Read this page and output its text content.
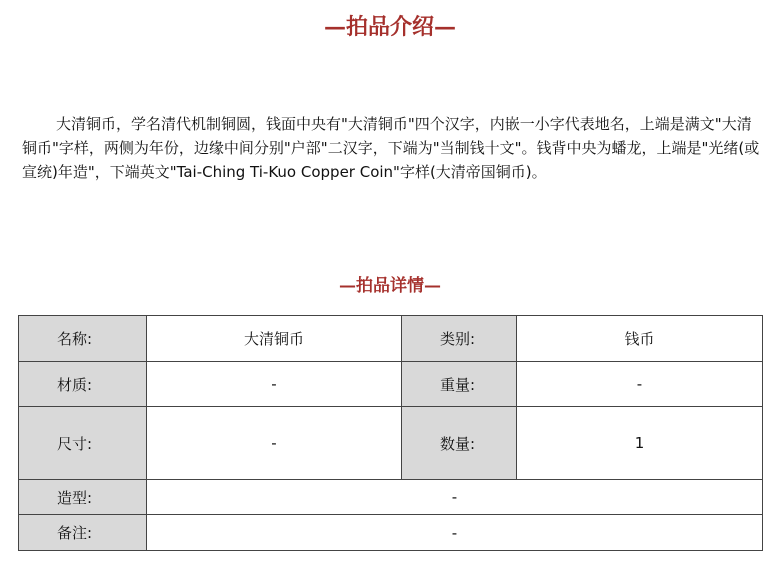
—拍品介绍—

大清铜币，学名清代机制铜圆，钱面中央有"大清铜币"四个汉字，内嵌一小字代表地名，上端是满文"大清铜币"字样，两侧为年份，边缘中间分别"户部"二汉字，下端为"当制钱十文"。钱背中央为蟠龙，上端是"光绪(或宣统)年造"，下端英文"Tai-Ching Ti-Kuo Copper Coin"字样(大清帝国铜币)。

—拍品详情—
名称:	大清铜币	类别:	钱币
材质:	-	重量:	-
尺寸:	-	数量:	1
造型:	-		
备注:	-		
